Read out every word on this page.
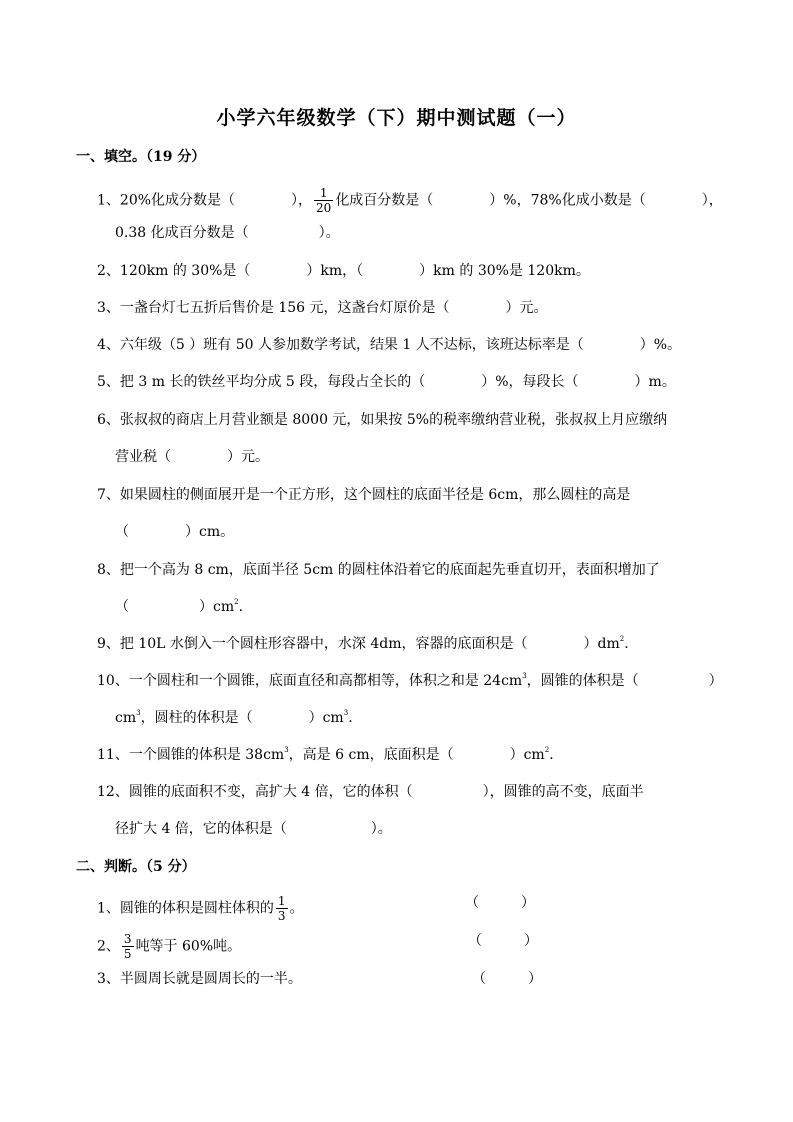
小学六年级数学（下）期中测试题（一）
一、填空。（19 分）
1、20%化成分数是（　　　　）， $\frac{1}{20}$ 化成百分数是（　　　　）%，78%化成小数是（　　　　），
0.38 化成百分数是（　　　　　）。
2、120km 的 30%是（　　　　）km，（　　　　）km 的 30%是 120km。
3、一盏台灯七五折后售价是 156 元，这盏台灯原价是（　　　　）元。
4、六年级（5 ）班有 50 人参加数学考试，结果 1 人不达标，该班达标率是（　　　　）%。
5、把 3 m 长的铁丝平均分成 5 段，每段占全长的（　　　　）%，每段长（　　　　）m。
6、张叔叔的商店上月营业额是 8000 元，如果按 5%的税率缴纳营业税，张叔叔上月应缴纳
营业税（　　　　）元。
7、如果圆柱的侧面展开是一个正方形，这个圆柱的底面半径是 6cm，那么圆柱的高是
（　　　　）cm。
8、把一个高为 8 cm，底面半径 5cm 的圆柱体沿着它的底面起先垂直切开，表面积增加了
（　　　　　）$cm^2$.
9、把 10L 水倒入一个圆柱形容器中，水深 4dm，容器的底面积是（　　　　）$dm^2$.
10、一个圆柱和一个圆锥，底面直径和高都相等，体积之和是 $24cm^3$，圆锥的体积是（　　　　　）
$cm^3$，圆柱的体积是（　　　　）$cm^3$.
11、一个圆锥的体积是 $38cm^3$，高是 6 cm，底面积是（　　　　）$cm^2$.
12、圆锥的底面积不变，高扩大 4 倍，它的体积（　　　　　），圆锥的高不变，底面半
径扩大 4 倍，它的体积是（　　　　　　）。
二、判断。（5 分）
1、圆锥的体积是圆柱体积的 $\frac{1}{3}$ 。	（　　　）
2、 $\frac{3}{5}$ 吨等于 60%吨。	（　　　）
3、半圆周长就是圆周长的一半。	（　　　）
